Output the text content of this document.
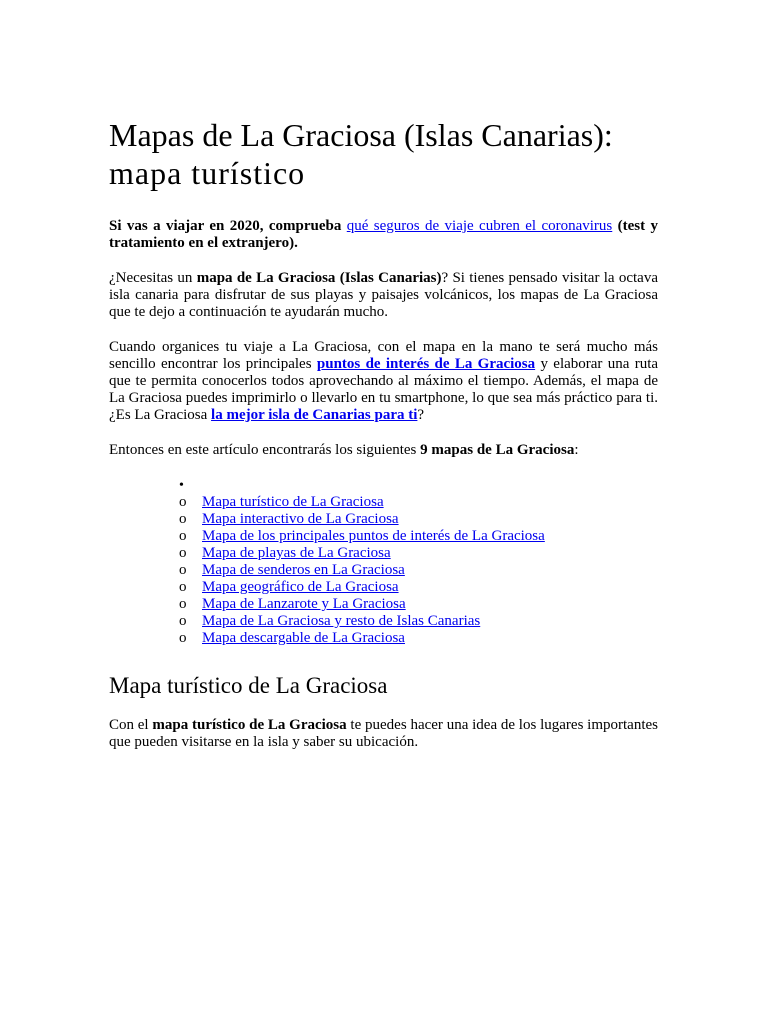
Mapas de La Graciosa (Islas Canarias):
mapa turístico

Si vas a viajar en 2020, comprueba qué seguros de viaje cubren el coronavirus (test y tratamiento en el extranjero).

¿Necesitas un mapa de La Graciosa (Islas Canarias)? Si tienes pensado visitar la octava isla canaria para disfrutar de sus playas y paisajes volcánicos, los mapas de La Graciosa que te dejo a continuación te ayudarán mucho.

Cuando organices tu viaje a La Graciosa, con el mapa en la mano te será mucho más sencillo encontrar los principales puntos de interés de La Graciosa y elaborar una ruta que te permita conocerlos todos aprovechando al máximo el tiempo. Además, el mapa de La Graciosa puedes imprimirlo o llevarlo en tu smartphone, lo que sea más práctico para ti. ¿Es La Graciosa la mejor isla de Canarias para ti?

Entonces en este artículo encontrarás los siguientes 9 mapas de La Graciosa:

•
o	Mapa turístico de La Graciosa
o	Mapa interactivo de La Graciosa
o	Mapa de los principales puntos de interés de La Graciosa
o	Mapa de playas de La Graciosa
o	Mapa de senderos en La Graciosa
o	Mapa geográfico de La Graciosa
o	Mapa de Lanzarote y La Graciosa
o	Mapa de La Graciosa y resto de Islas Canarias
o	Mapa descargable de La Graciosa
Mapa turístico de La Graciosa

Con el mapa turístico de La Graciosa te puedes hacer una idea de los lugares importantes que pueden visitarse en la isla y saber su ubicación.
